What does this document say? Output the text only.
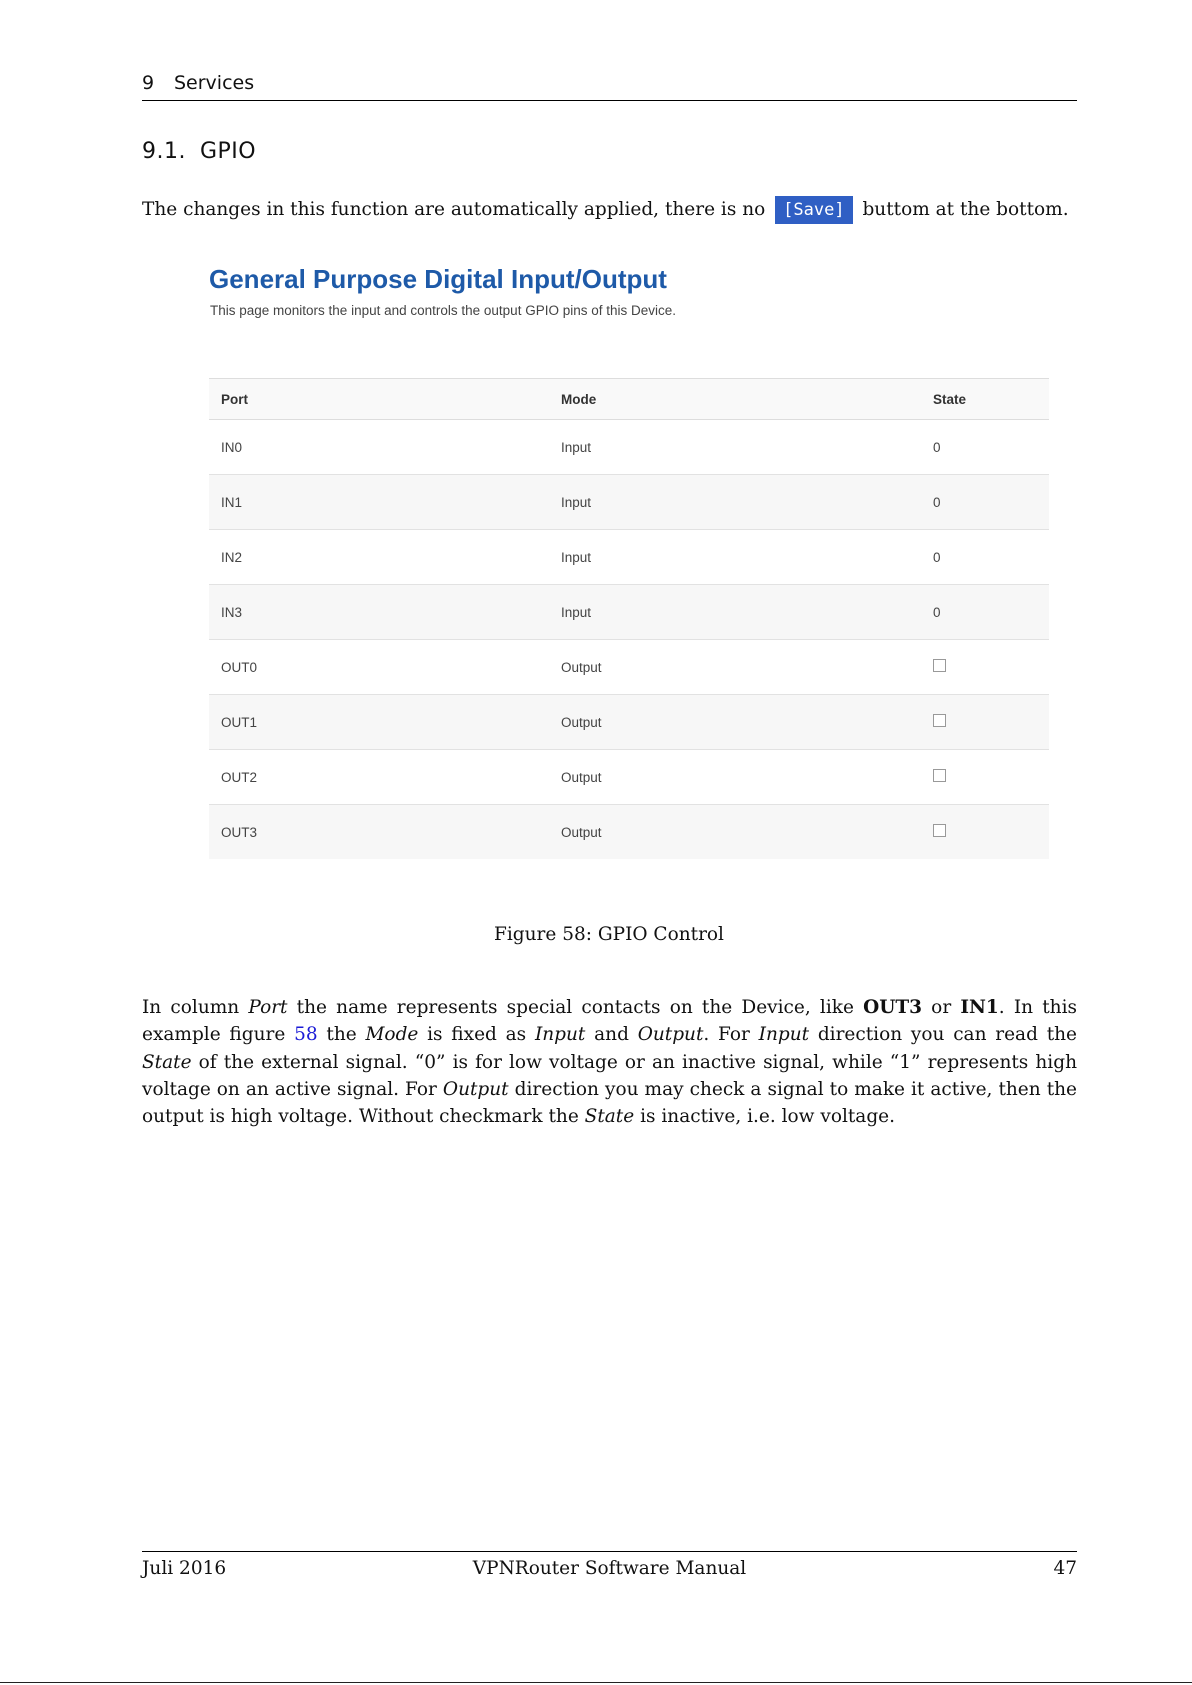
9 Services
9.1. GPIO
The changes in this function are automatically applied, there is no [Save] buttom at the bottom.
General Purpose Digital Input/Output
This page monitors the input and controls the output GPIO pins of this Device.
Port	Mode	State
IN0	Input	0
IN1	Input	0
IN2	Input	0
IN3	Input	0
OUT0	Output	
OUT1	Output	
OUT2	Output	
OUT3	Output	
Figure 58: GPIO Control

In column Port the name represents special contacts on the Device, like OUT3 or IN1. In this example figure 58 the Mode is fixed as Input and Output. For Input direction you can read the State of the external signal. “0” is for low voltage or an inactive signal, while “1” represents high voltage on an active signal. For Output direction you may check a signal to make it active, then the output is high voltage. Without checkmark the State is inactive, i.e. low voltage.

Juli 2016	VPNRouter Software Manual	47
